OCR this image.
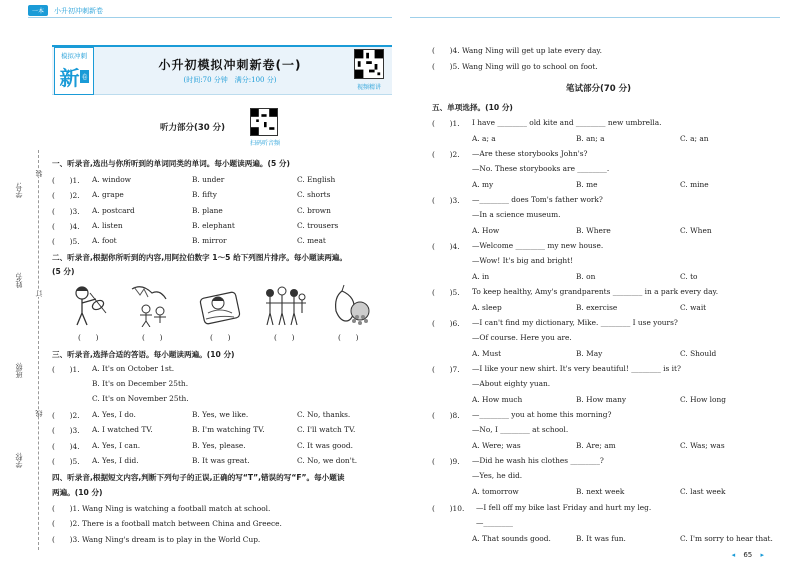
一本	小升初冲刺新卷
学号:
姓名:
班级:
学校:
装
订
线
模拟冲刺
新 卷
小升初模拟冲刺新卷(一)
(时间:70 分钟　满分:100 分)
视频精讲
听力部分(30 分)
扫码听音频
一、听录音,选出与你所听到的单词同类的单词。每小题读两遍。(5 分)
(　　)1. A. window	B. under	C. English
(　　)2. A. grape	B. fifty	C. shorts
(　　)3. A. postcard	B. plane	C. brown
(　　)4. A. listen	B. elephant	C. trousers
(　　)5. A. foot	B. mirror	C. meat
二、听录音,根据你所听到的内容,用阿拉伯数字 1～5 给下列图片排序。每小题读两遍。
(5 分)
(　　)	(　　)	(　　)	(　　)	(　　)
三、听录音,选择合适的答语。每小题读两遍。(10 分)
(　　)1. A. It's on October 1st.
B. It's on December 25th.
C. It's on November 25th.
(　　)2. A. Yes, I do.	B. Yes, we like.	C. No, thanks.
(　　)3. A. I watched TV.	B. I'm watching TV.	C. I'll watch TV.
(　　)4. A. Yes, I can.	B. Yes, please.	C. It was good.
(　　)5. A. Yes, I did.	B. It was great.	C. No, we don't.
四、听录音,根据短文内容,判断下列句子的正误,正确的写“T”,错误的写“F”。每小题读
两遍。(10 分)
(　　)1. Wang Ning is watching a football match at school.
(　　)2. There is a football match between China and Greece.
(　　)3. Wang Ning's dream is to play in the World Cup.
(　　)4. Wang Ning will get up late every day.
(　　)5. Wang Ning will go to school on foot.
笔试部分(70 分)
五、单项选择。(10 分)
(　　)1. I have ________ old kite and ________ new umbrella.
A. a; a	B. an; a	C. a; an
(　　)2. —Are these storybooks John's?
—No. These storybooks are ________.
A. my	B. me	C. mine
(　　)3. —________ does Tom's father work?
—In a science museum.
A. How	B. Where	C. When
(　　)4. —Welcome ________ my new house.
—Wow! It's big and bright!
A. in	B. on	C. to
(　　)5. To keep healthy, Amy's grandparents ________ in a park every day.
A. sleep	B. exercise	C. wait
(　　)6. —I can't find my dictionary, Mike. ________ I use yours?
—Of course. Here you are.
A. Must	B. May	C. Should
(　　)7. —I like your new shirt. It's very beautiful! ________ is it?
—About eighty yuan.
A. How much	B. How many	C. How long
(　　)8. —________ you at home this morning?
—No, I ________ at school.
A. Were; was	B. Are; am	C. Was; was
(　　)9. —Did he wash his clothes ________?
—Yes, he did.
A. tomorrow	B. next week	C. last week
(　　)10. —I fell off my bike last Friday and hurt my leg.
—________
A. That sounds good.	B. It was fun.	C. I'm sorry to hear that.
◂ 65 ▸
